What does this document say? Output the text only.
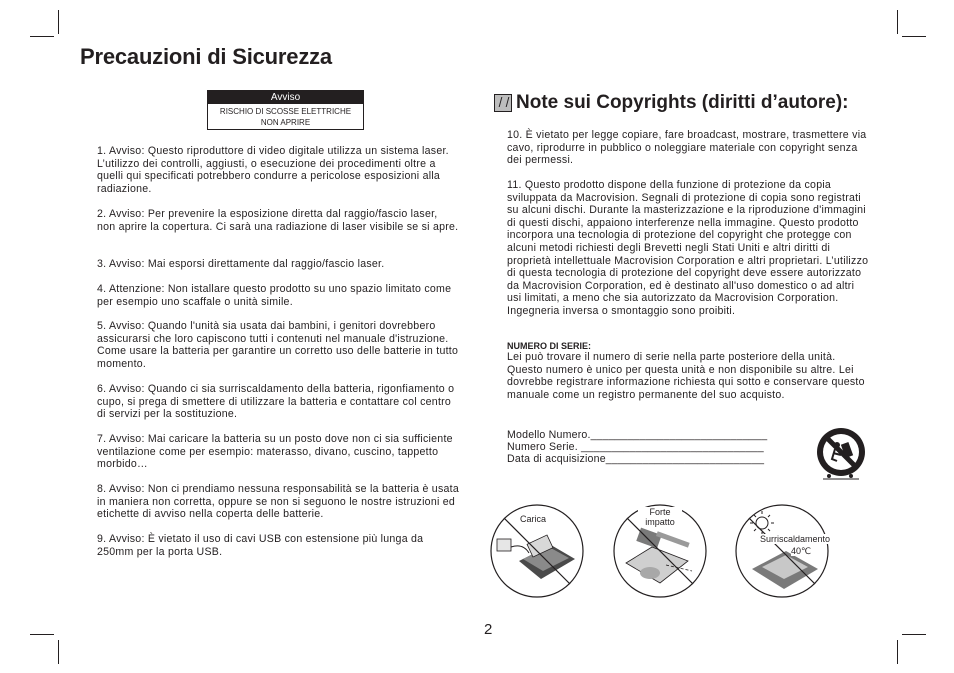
Precauzioni di Sicurezza
Avviso
RISCHIO DI SCOSSE ELETTRICHE
NON APRIRE

1. Avviso: Questo riproduttore di video digitale utilizza un sistema laser. L’utilizzo dei controlli, aggiusti, o esecuzione dei procedimenti oltre a quelli qui specificati potrebbero condurre a pericolose esposizioni alla radiazione.

2. Avviso: Per prevenire la esposizione diretta dal raggio/fascio laser, non aprire la copertura. Ci sarà una radiazione di laser visibile se si apre.

3. Avviso: Mai esporsi direttamente dal raggio/fascio laser.

4. Attenzione: Non istallare questo prodotto su uno spazio limitato come per esempio uno scaffale o unità simile.

5. Avviso: Quando l'unità sia usata dai bambini, i genitori dovrebbero assicurarsi che loro capiscono tutti i contenuti nel manuale d'istruzione. Come usare la batteria per garantire un corretto uso delle batterie in tutto momento.

6. Avviso: Quando ci sia surriscaldamento della batteria, rigonfiamento o cupo, si prega di smettere di utilizzare la batteria e contattare col centro di servizi per la sostituzione.

7. Avviso: Mai caricare la batteria su un posto dove non ci sia sufficiente ventilazione come per esempio: materasso, divano, cuscino, tappetto morbido…

8. Avviso: Non ci prendiamo nessuna responsabilità se la batteria è usata in maniera non corretta, oppure se non si seguono le nostre istruzioni ed etichette di avviso nella coperta delle batterie.

9. Avviso: È vietato il uso di cavi USB con estensione più lunga da 250mm per la porta USB.

Note sui Copyrights (diritti d’autore):

10. È vietato per legge copiare, fare broadcast, mostrare, trasmettere via cavo, riprodurre in pubblico o noleggiare materiale con copyright senza dei permessi.

11. Questo prodotto dispone della funzione di protezione da copia sviluppata da Macrovision. Segnali di protezione di copia sono registrati su alcuni dischi. Durante la masterizzazione e la riproduzione d'immagini di questi dischi, appaiono interferenze nella immagine. Questo prodotto incorpora una tecnologia di protezione del copyright che protegge con alcuni metodi richiesti degli Brevetti negli Stati Uniti e altri diritti di proprietà intellettuale Macrovision Corporation e altri proprietari. L’utilizzo di questa tecnologia di protezione del copyright deve essere autorizzato da Macrovision Corporation, ed è destinato all'uso domestico o ad altri usi limitati, a meno che sia autorizzato da Macrovision Corporation. Ingegneria inversa o smontaggio sono proibiti.

NUMERO DI SERIE:

Lei può trovare il numero di serie nella parte posteriore della unità. Questo numero è unico per questa unità e non disponibile su altre. Lei dovrebbe registrare informazione richiesta qui sotto e conservare questo manuale come un registro permanente del suo acquisto.

Modello Numero._____________________________
Numero Serie. ______________________________
Data di acquisizione__________________________
Carica
Forte impatto
Surriscaldamento
40℃
2
